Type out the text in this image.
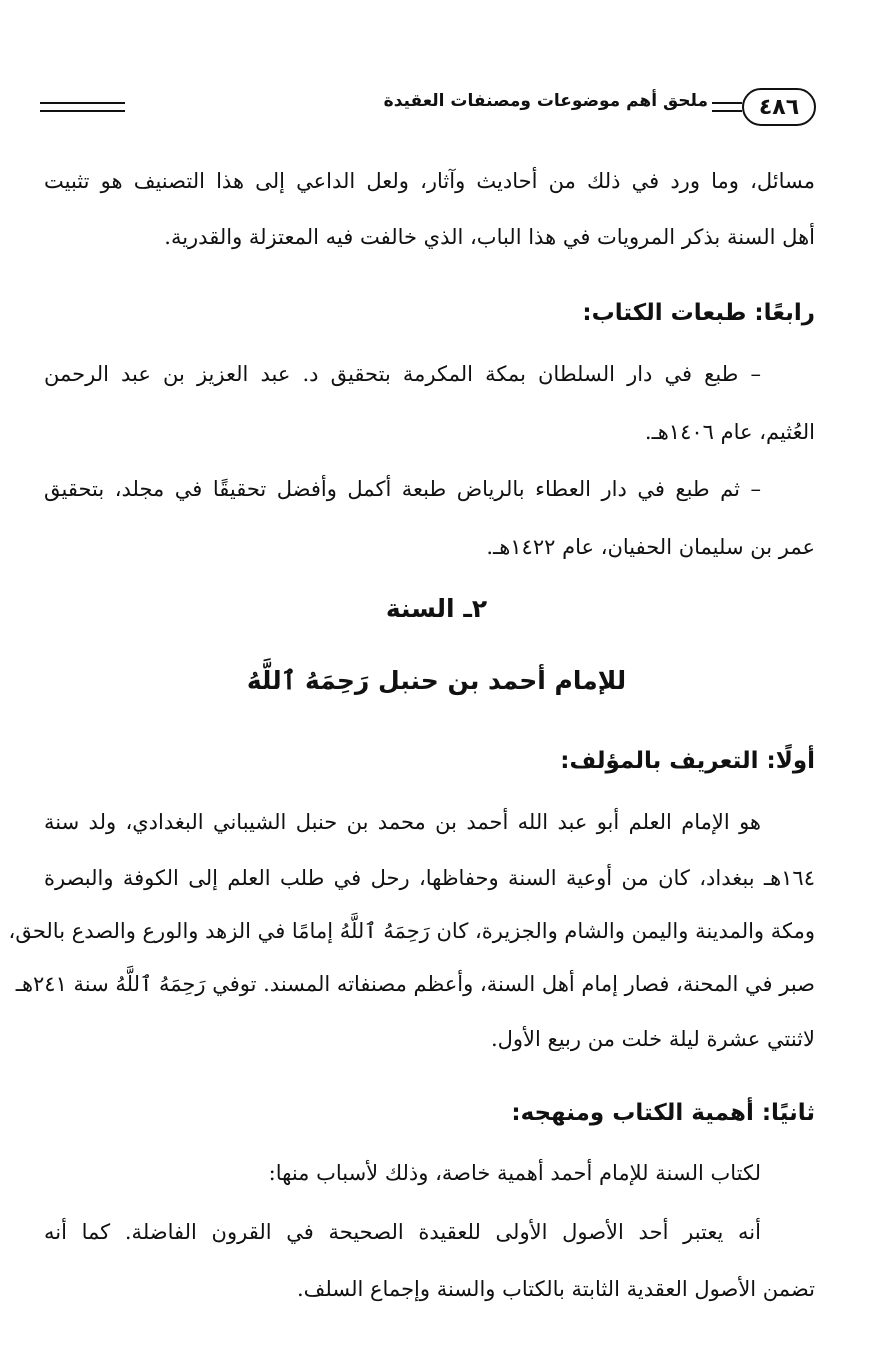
٤٨٦
ملحق أهم موضوعات ومصنفات العقيدة
مسائل، وما ورد في ذلك من أحاديث وآثار، ولعل الداعي إلى هذا التصنيف هو تثبيت
أهل السنة بذكر المرويات في هذا الباب، الذي خالفت فيه المعتزلة والقدرية.
رابعًا: طبعات الكتاب:
– طبع في دار السلطان بمكة المكرمة بتحقيق د. عبد العزيز بن عبد الرحمن
العُثيم، عام ١٤٠٦هـ.
– ثم طبع في دار العطاء بالرياض طبعة أكمل وأفضل تحقيقًا في مجلد، بتحقيق
عمر بن سليمان الحفيان، عام ١٤٢٢هـ.
٢ـ السنة
للإمام أحمد بن حنبل رَحِمَهُ ٱللَّهُ
أولًا: التعريف بالمؤلف:
هو الإمام العلم أبو عبد الله أحمد بن محمد بن حنبل الشيباني البغدادي، ولد سنة
١٦٤هـ ببغداد، كان من أوعية السنة وحفاظها، رحل في طلب العلم إلى الكوفة والبصرة
ومكة والمدينة واليمن والشام والجزيرة، كان رَحِمَهُ ٱللَّهُ إمامًا في الزهد والورع والصدع بالحق،
صبر في المحنة، فصار إمام أهل السنة، وأعظم مصنفاته المسند. توفي رَحِمَهُ ٱللَّهُ سنة ٢٤١هـ
لاثنتي عشرة ليلة خلت من ربيع الأول.
ثانيًا: أهمية الكتاب ومنهجه:
لكتاب السنة للإمام أحمد أهمية خاصة، وذلك لأسباب منها:
أنه يعتبر أحد الأصول الأولى للعقيدة الصحيحة في القرون الفاضلة. كما أنه
تضمن الأصول العقدية الثابتة بالكتاب والسنة وإجماع السلف.
